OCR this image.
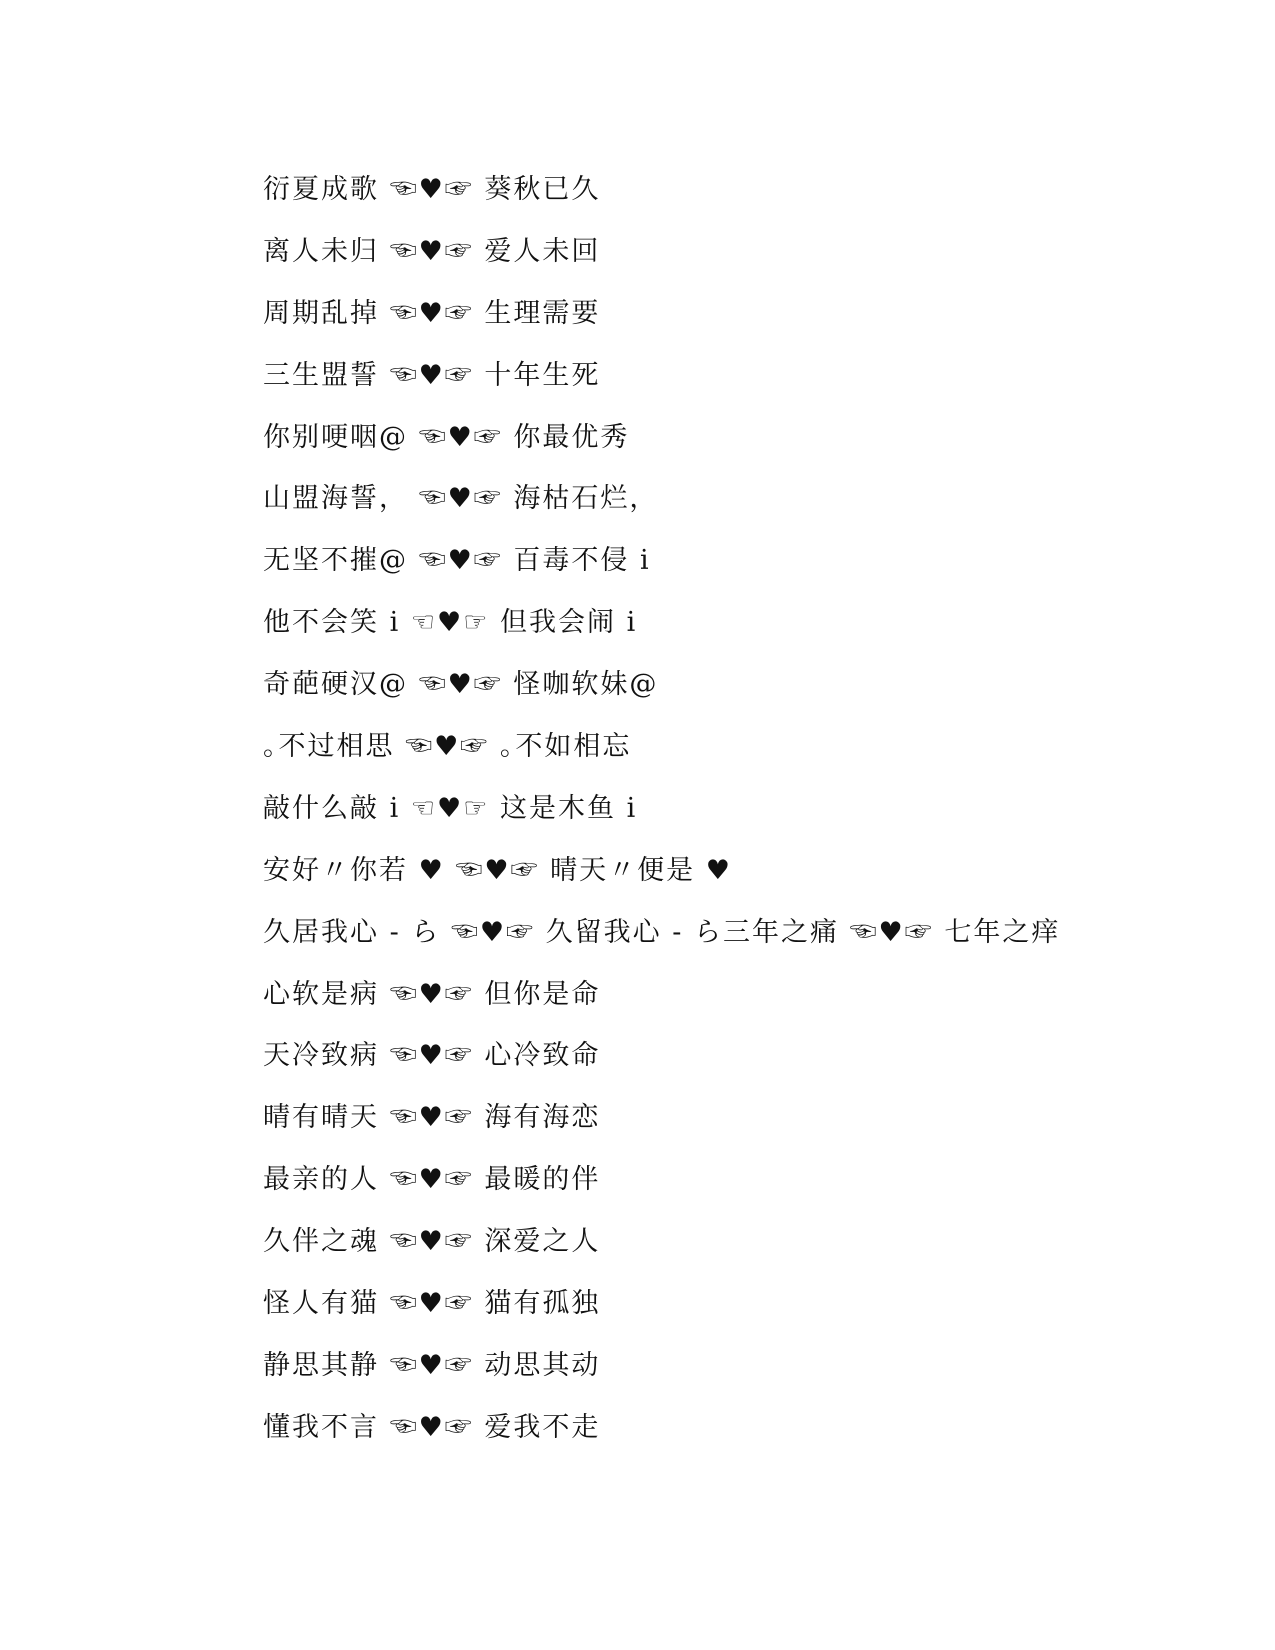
衍夏成歌 ☜♥☞ 葵秋已久
离人未归 ☜♥☞ 爱人未回
周期乱掉 ☜♥☞ 生理需要
三生盟誓 ☜♥☞ 十年生死
你别哽咽@ ☜♥☞ 你最优秀
山盟海誓， ☜♥☞ 海枯石烂，
无坚不摧@ ☜♥☞ 百毒不侵 i
他不会笑 i ☜♥☞ 但我会闹 i
奇葩硬汉@ ☜♥☞ 怪咖软妹@
｡不过相思 ☜♥☞ ｡不如相忘
敲什么敲 i ☜♥☞ 这是木鱼 i
安好〃你若 ♥ ☜♥☞ 晴天〃便是 ♥
久居我心 - ら ☜♥☞ 久留我心 - ら三年之痛 ☜♥☞ 七年之痒
心软是病 ☜♥☞ 但你是命
天冷致病 ☜♥☞ 心冷致命
晴有晴天 ☜♥☞ 海有海恋
最亲的人 ☜♥☞ 最暖的伴
久伴之魂 ☜♥☞ 深爱之人
怪人有猫 ☜♥☞ 猫有孤独
静思其静 ☜♥☞ 动思其动
懂我不言 ☜♥☞ 爱我不走
